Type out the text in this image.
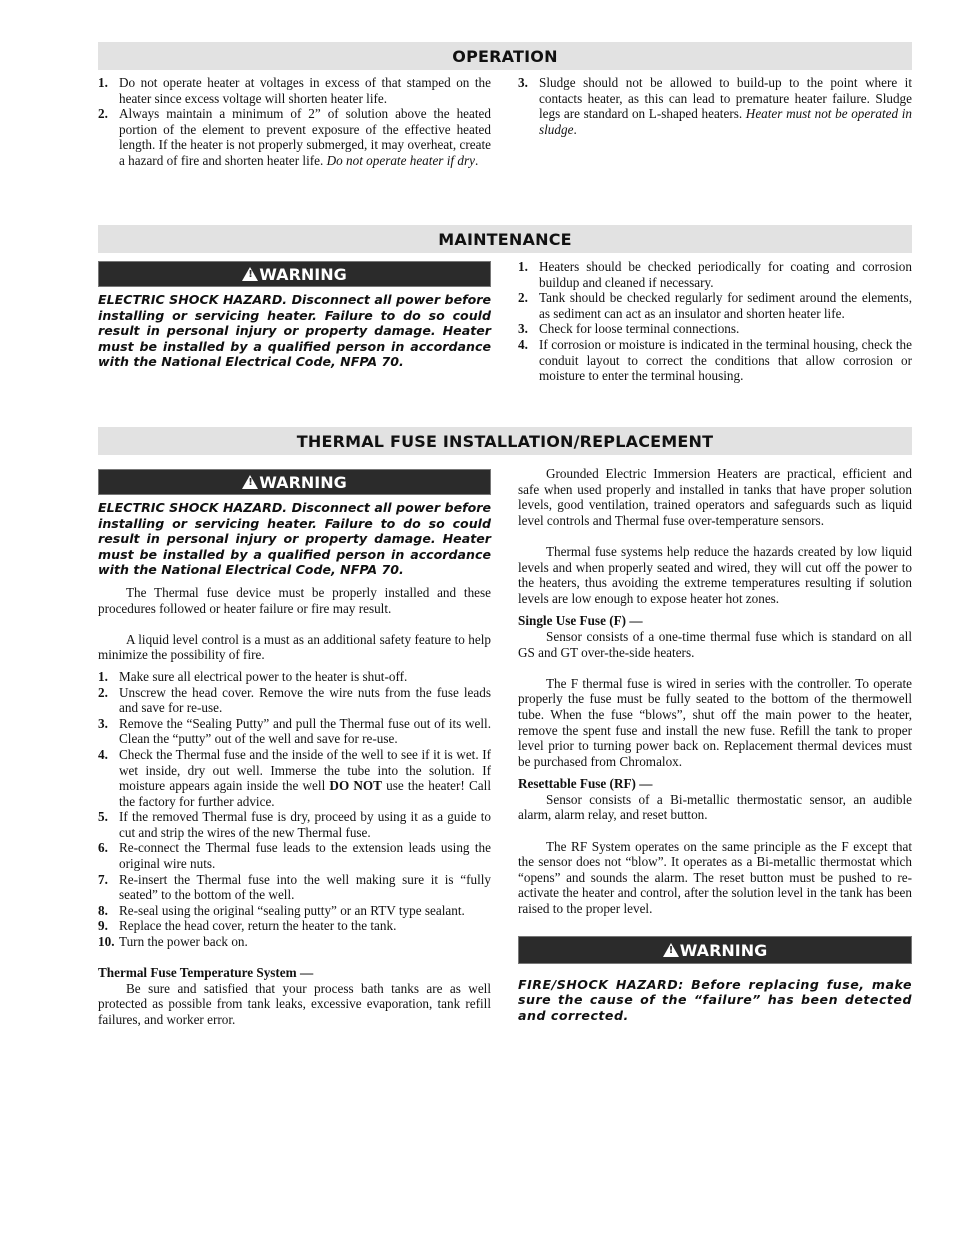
OPERATION
1. Do not operate heater at voltages in excess of that stamped on the heater since excess voltage will shorten heater life.
2. Always maintain a minimum of 2” of solution above the heated portion of the element to prevent exposure of the effective heated length. If the heater is not properly submerged, it may overheat, create a hazard of fire and shorten heater life. Do not operate heater if dry.
3. Sludge should not be allowed to build-up to the point where it contacts heater, as this can lead to premature heater failure. Sludge legs are standard on L-shaped heaters. Heater must not be operated in sludge.
MAINTENANCE
! WARNING
ELECTRIC SHOCK HAZARD. Disconnect all power before installing or servicing heater. Failure to do so could result in personal injury or property damage. Heater must be installed by a qualified person in accordance with the National Electrical Code, NFPA 70.
1. Heaters should be checked periodically for coating and corrosion buildup and cleaned if necessary.
2. Tank should be checked regularly for sediment around the elements, as sediment can act as an insulator and shorten heater life.
3. Check for loose terminal connections.
4. If corrosion or moisture is indicated in the terminal housing, check the conduit layout to correct the conditions that allow corrosion or moisture to enter the terminal housing.
THERMAL FUSE INSTALLATION/REPLACEMENT
! WARNING
ELECTRIC SHOCK HAZARD. Disconnect all power before installing or servicing heater. Failure to do so could result in personal injury or property damage. Heater must be installed by a qualified person in accordance with the National Electrical Code, NFPA 70.

The Thermal fuse device must be properly installed and these procedures followed or heater failure or fire may result.

A liquid level control is a must as an additional safety feature to help minimize the possibility of fire.

1. Make sure all electrical power to the heater is shut-off.
2. Unscrew the head cover. Remove the wire nuts from the fuse leads and save for re-use.
3. Remove the “Sealing Putty” and pull the Thermal fuse out of its well. Clean the “putty” out of the well and save for re-use.
4. Check the Thermal fuse and the inside of the well to see if it is wet. If wet inside, dry out well. Immerse the tube into the solution. If moisture appears again inside the well DO NOT use the heater! Call the factory for further advice.
5. If the removed Thermal fuse is dry, proceed by using it as a guide to cut and strip the wires of the new Thermal fuse.
6. Re-connect the Thermal fuse leads to the extension leads using the original wire nuts.
7. Re-insert the Thermal fuse into the well making sure it is “fully seated” to the bottom of the well.
8. Re-seal using the original “sealing putty” or an RTV type sealant.
9. Replace the head cover, return the heater to the tank.
10. Turn the power back on.

Thermal Fuse Temperature System —

Be sure and satisfied that your process bath tanks are as well protected as possible from tank leaks, excessive evaporation, tank refill failures, and worker error.

Grounded Electric Immersion Heaters are practical, efficient and safe when used properly and installed in tanks that have proper solution levels, good ventilation, trained operators and safeguards such as liquid level controls and Thermal fuse over-temperature sensors.

Thermal fuse systems help reduce the hazards created by low liquid levels and when properly seated and wired, they will cut off the power to the heaters, thus avoiding the extreme temperatures resulting if solution levels are low enough to expose heater hot zones.

Single Use Fuse (F) —

Sensor consists of a one-time thermal fuse which is standard on all GS and GT over-the-side heaters.

The F thermal fuse is wired in series with the controller. To operate properly the fuse must be fully seated to the bottom of the thermowell tube. When the fuse “blows”, shut off the main power to the heater, remove the spent fuse and install the new fuse. Refill the tank to proper level prior to turning power back on. Replacement thermal devices must be purchased from Chromalox.

Resettable Fuse (RF) —

Sensor consists of a Bi-metallic thermostatic sensor, an audible alarm, alarm relay, and reset button.

The RF System operates on the same principle as the F except that the sensor does not “blow”. It operates as a Bi-metallic thermostat which “opens” and sounds the alarm. The reset button must be pushed to re-activate the heater and control, after the solution level in the tank has been raised to the proper level.

! WARNING
FIRE/SHOCK HAZARD: Before replacing fuse, make sure the cause of the “failure” has been detected and corrected.
